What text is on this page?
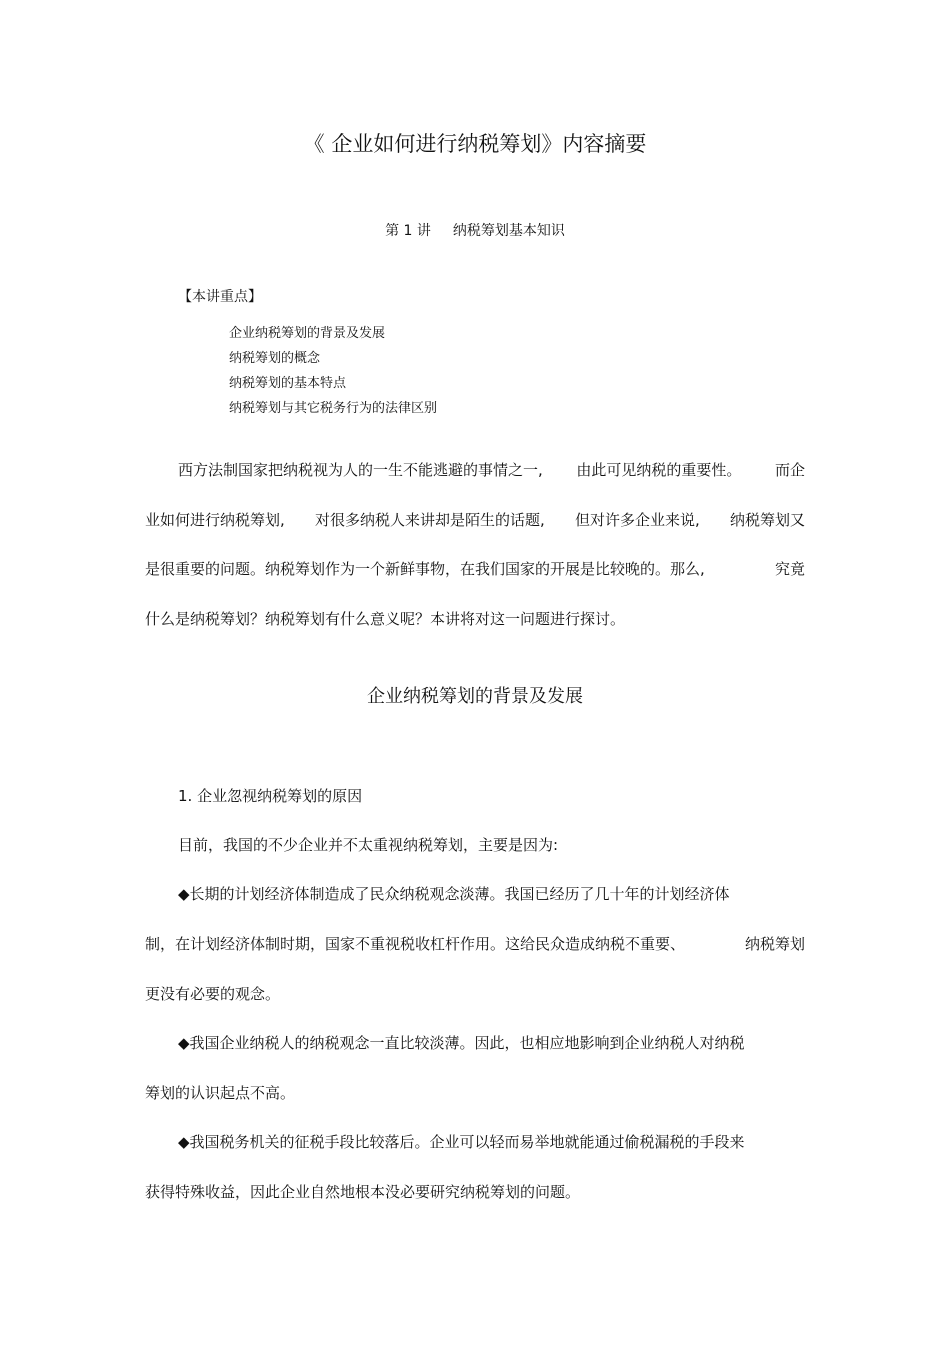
《 企业如何进行纳税筹划》内容摘要
第 1 讲 纳税筹划基本知识
【本讲重点】
企业纳税筹划的背景及发展
纳税筹划的概念
纳税筹划的基本特点
纳税筹划与其它税务行为的法律区别
西方法制国家把纳税视为人的一生不能逃避的事情之一, 由此可见纳税的重要性。 而企
业如何进行纳税筹划, 对很多纳税人来讲却是陌生的话题, 但对许多企业来说, 纳税筹划又
是很重要的问题。纳税筹划作为一个新鲜事物，在我们国家的开展是比较晚的。那么,	究竟
什么是纳税筹划？纳税筹划有什么意义呢？本讲将对这一问题进行探讨。
企业纳税筹划的背景及发展
1. 企业忽视纳税筹划的原因
目前，我国的不少企业并不太重视纳税筹划，主要是因为:
◆长期的计划经济体制造成了民众纳税观念淡薄。我国已经历了几十年的计划经济体
制，在计划经济体制时期，国家不重视税收杠杆作用。这给民众造成纳税不重要、	纳税筹划
更没有必要的观念。
◆我国企业纳税人的纳税观念一直比较淡薄。因此，也相应地影响到企业纳税人对纳税
筹划的认识起点不高。
◆我国税务机关的征税手段比较落后。企业可以轻而易举地就能通过偷税漏税的手段来
获得特殊收益，因此企业自然地根本没必要研究纳税筹划的问题。
